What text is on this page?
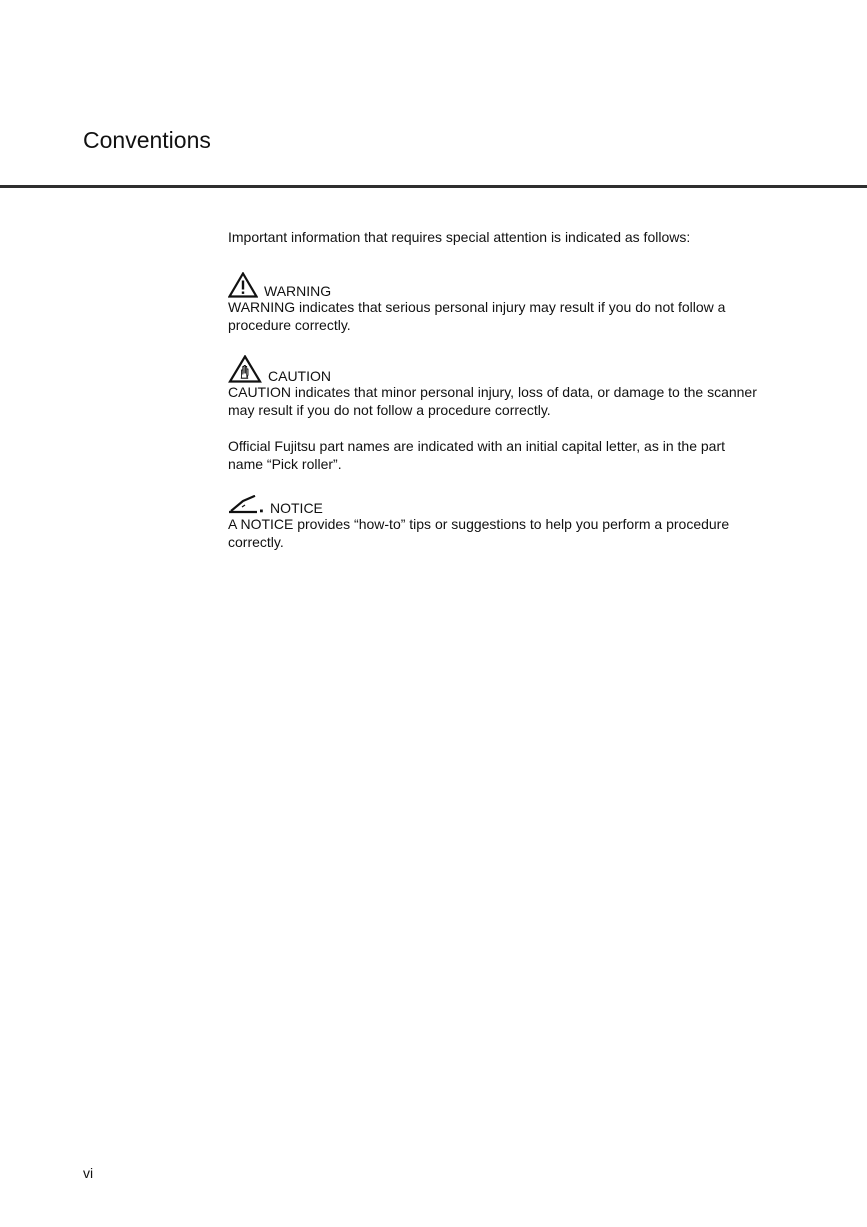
Conventions

Important information that requires special attention is indicated as follows:

WARNING

WARNING indicates that serious personal injury may result if you do not follow a procedure correctly.

CAUTION

CAUTION indicates that minor personal injury, loss of data, or damage to the scanner may result if you do not follow a procedure correctly.

Official Fujitsu part names are indicated with an initial capital letter, as in the part name “Pick roller”.

NOTICE

A NOTICE provides “how-to” tips or suggestions to help you perform a procedure correctly.

vi
